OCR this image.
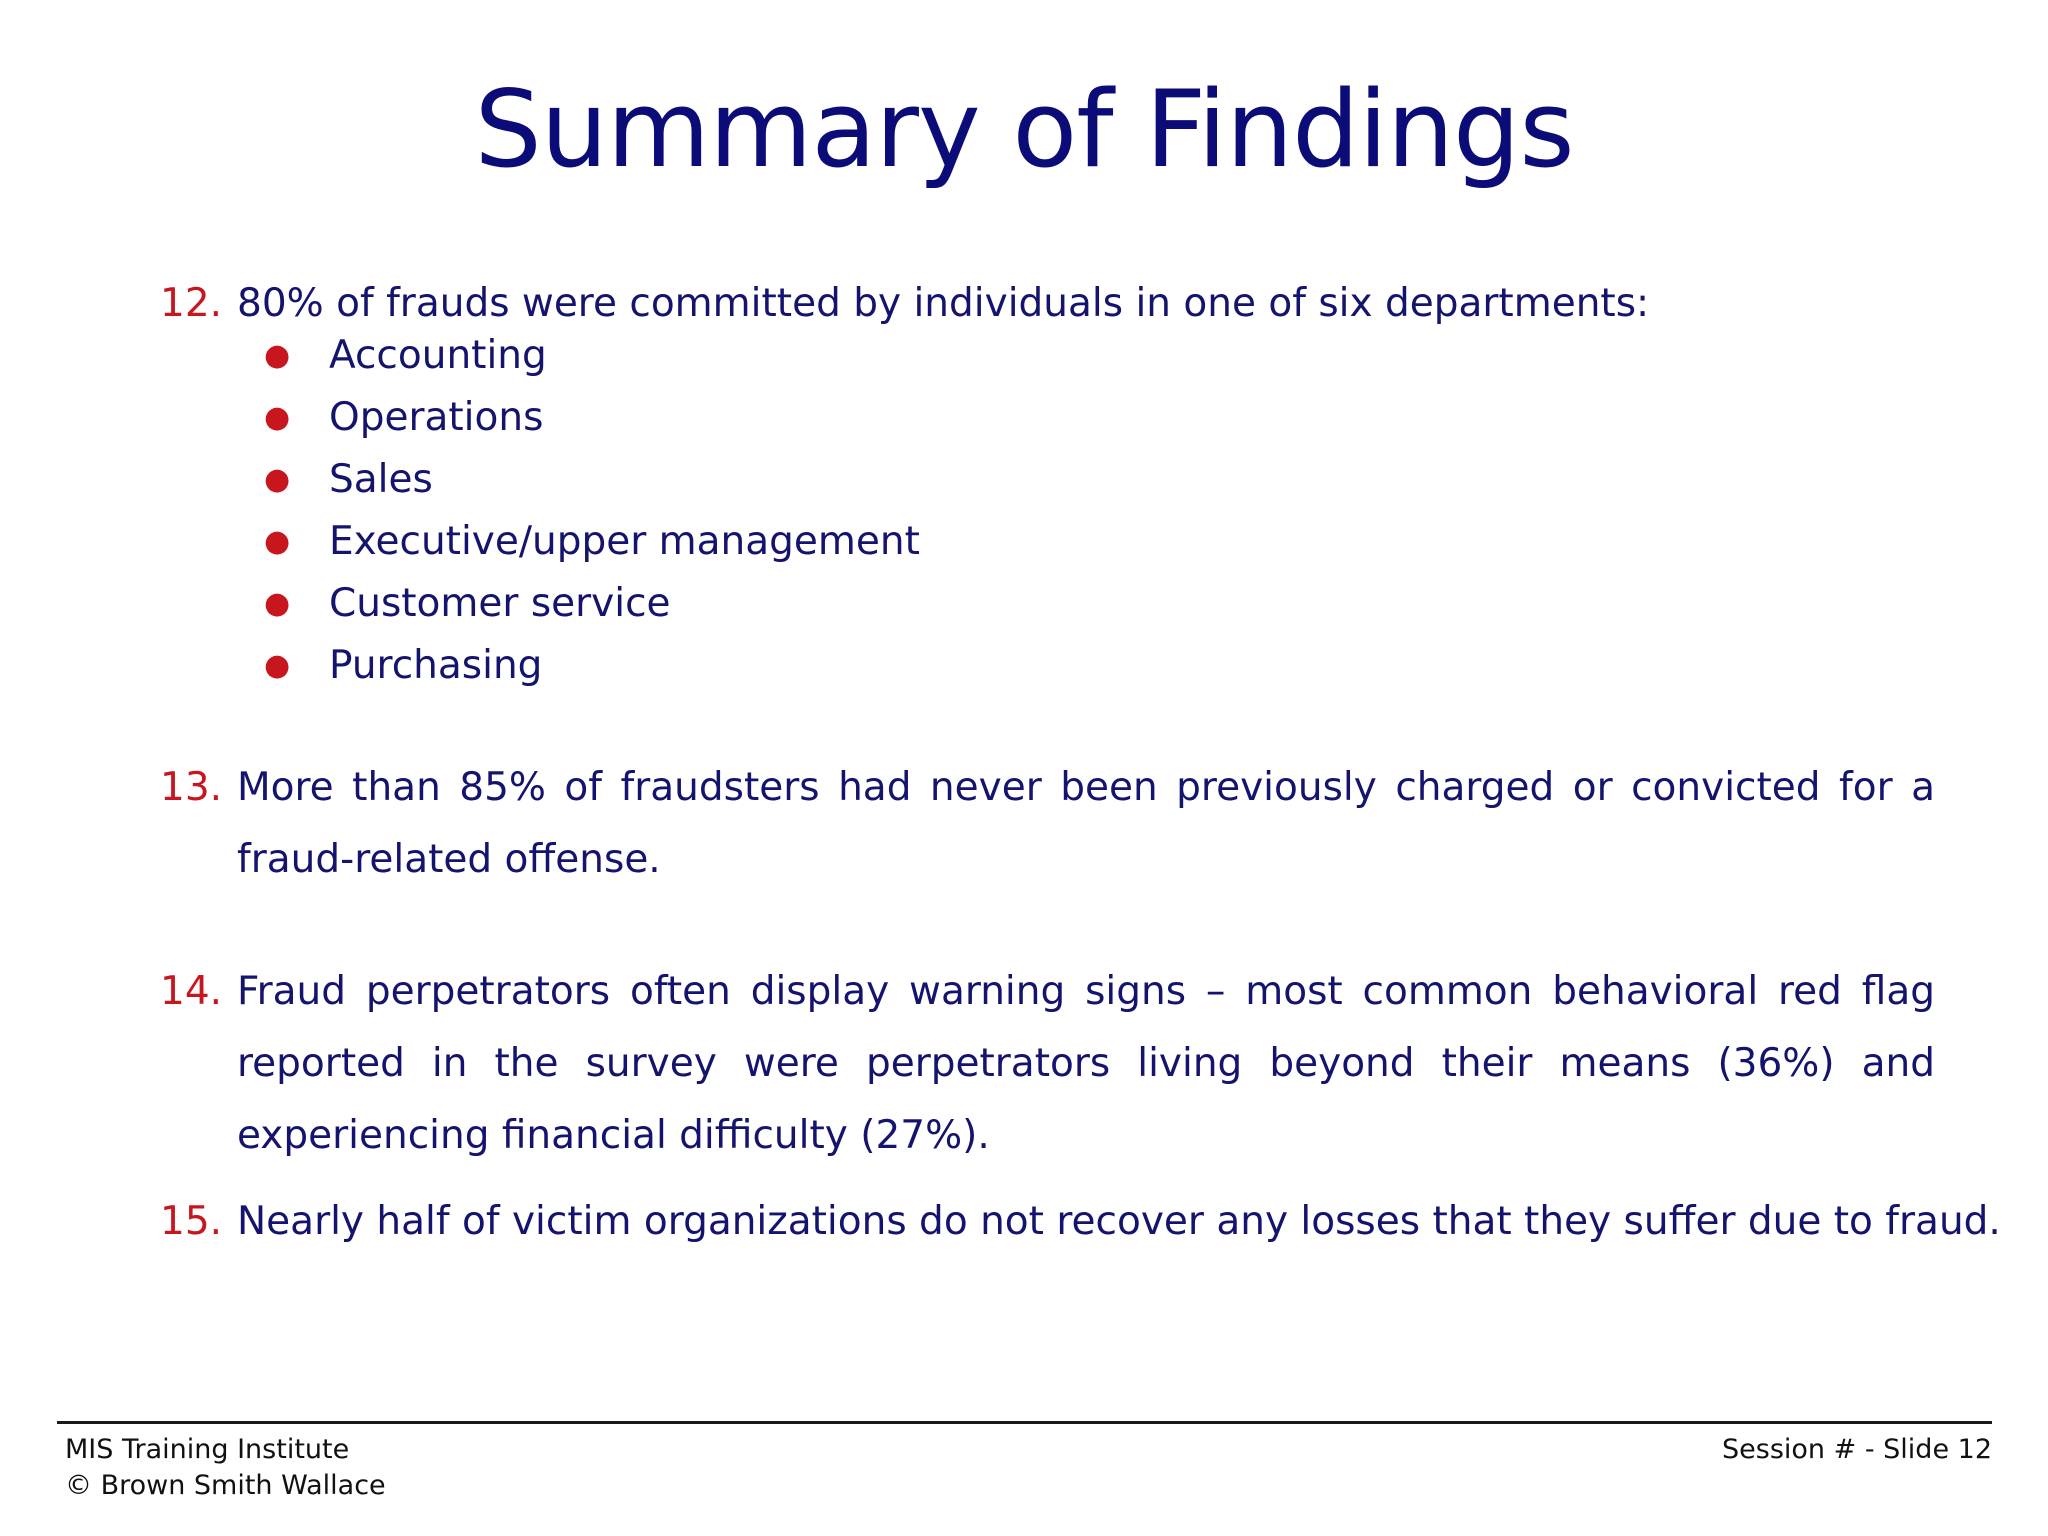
Summary of Findings
12. 80% of frauds were committed by individuals in one of six departments:
● Accounting
● Operations
● Sales
● Executive/upper management
● Customer service
● Purchasing
13. More than 85% of fraudsters had never been previously charged or convicted for a fraud-related offense.
14. Fraud perpetrators often display warning signs – most common behavioral red flag reported in the survey were perpetrators living beyond their means (36%) and experiencing financial difficulty (27%).
15. Nearly half of victim organizations do not recover any losses that they suffer due to fraud.
MIS Training Institute
© Brown Smith Wallace
Session # - Slide 12
